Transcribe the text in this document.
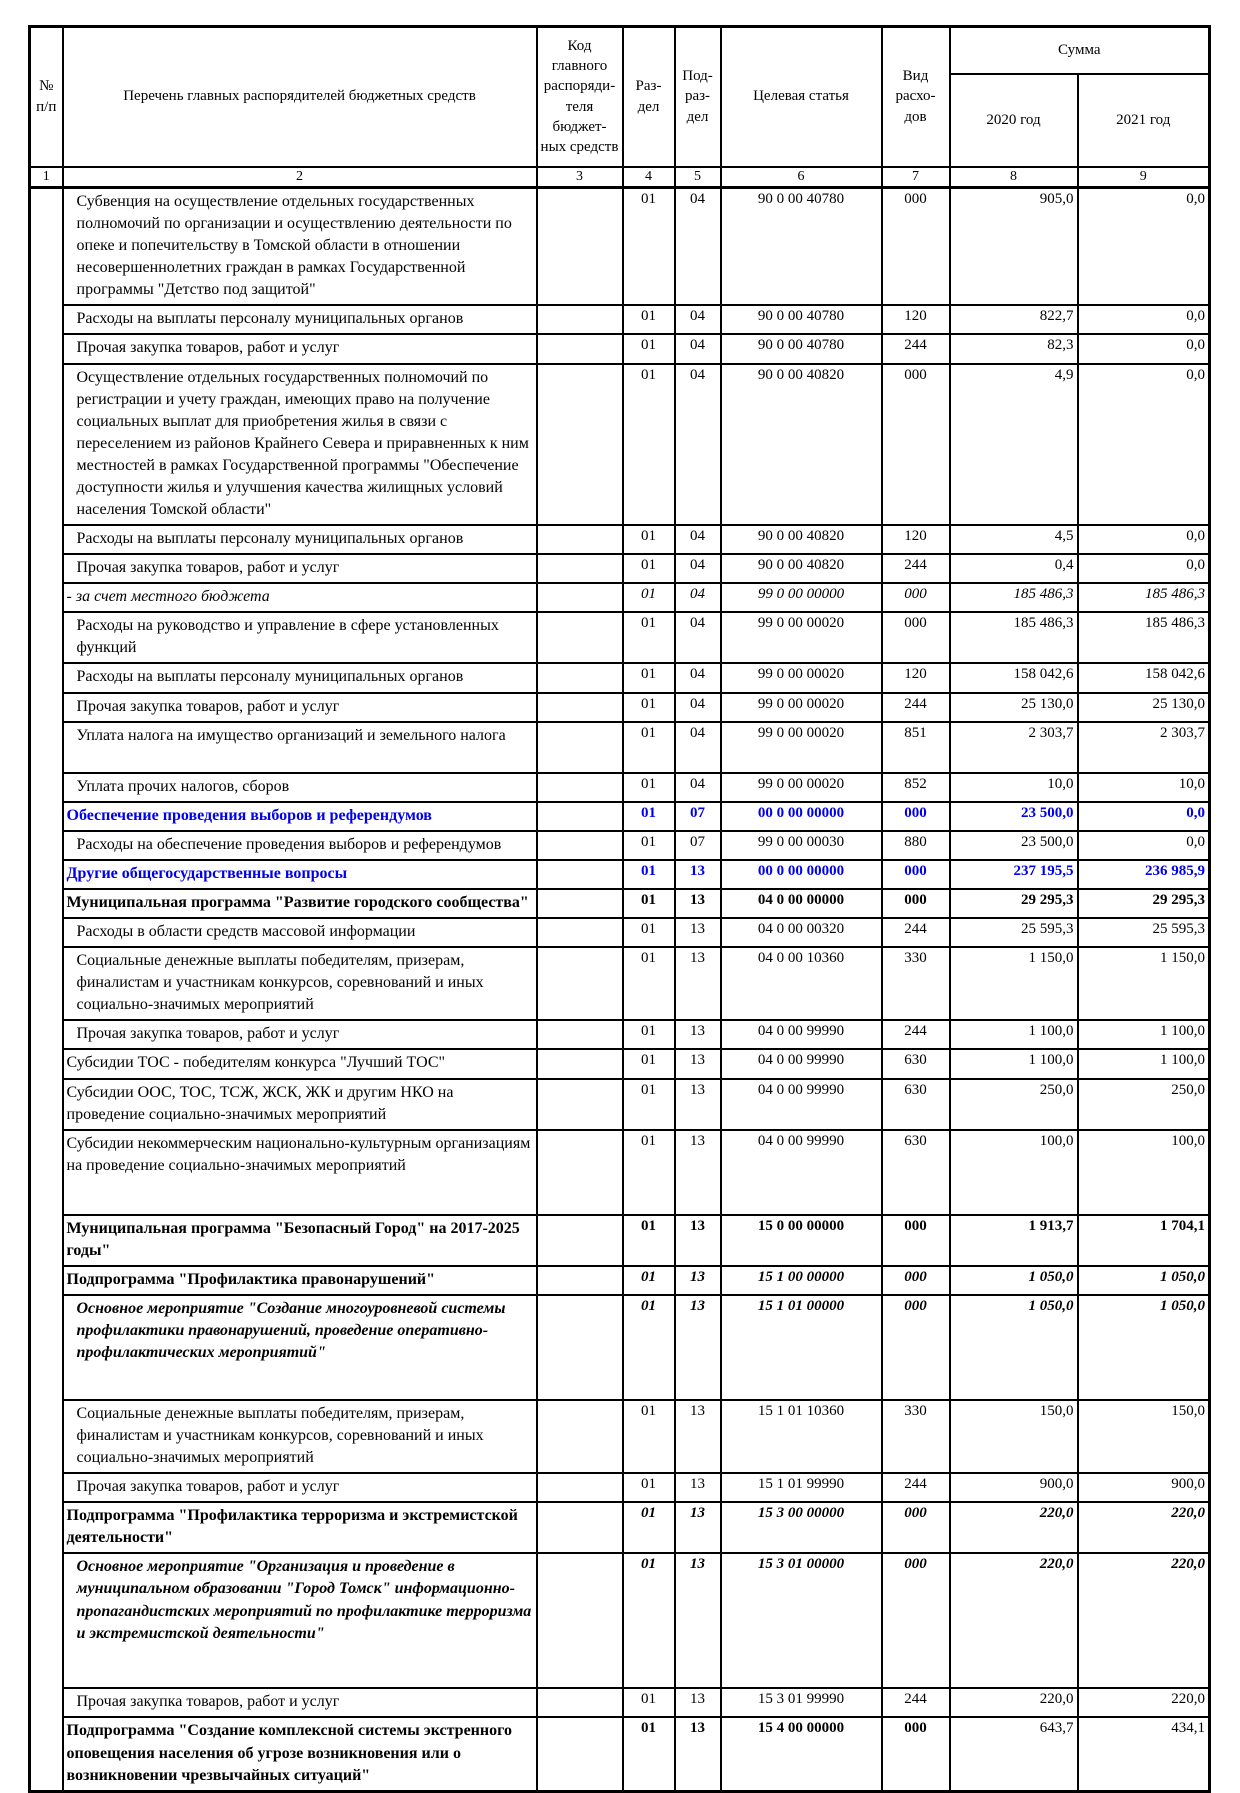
№ п/п	Перечень главных распорядителей бюджетных средств	Код главного распоряди-теля бюджет-ных средств	Раз-дел	Под-раз-дел	Целевая статья	Вид расхо-дов	Сумма	
							2020 год	2021 год
1	2	3	4	5	6	7	8	9
	Субвенция на осуществление отдельных государственных полномочий по организации и осуществлению деятельности по опеке и попечительству в Томской области в отношении несовершеннолетних граждан в рамках Государственной программы "Детство под защитой"		01	04	90 0 00 40780	000	905,0	0,0
	Расходы на выплаты персоналу муниципальных органов		01	04	90 0 00 40780	120	822,7	0,0
	Прочая закупка товаров, работ и услуг		01	04	90 0 00 40780	244	82,3	0,0
	Осуществление отдельных государственных полномочий по регистрации и учету граждан, имеющих право на получение социальных выплат для приобретения жилья в связи с переселением из районов Крайнего Севера и приравненных к ним местностей в рамках Государственной программы "Обеспечение доступности жилья и улучшения качества жилищных условий населения Томской области"		01	04	90 0 00 40820	000	4,9	0,0
	Расходы на выплаты персоналу муниципальных органов		01	04	90 0 00 40820	120	4,5	0,0
	Прочая закупка товаров, работ и услуг		01	04	90 0 00 40820	244	0,4	0,0
	- за счет местного бюджета		01	04	99 0 00 00000	000	185 486,3	185 486,3
	Расходы на руководство и управление в сфере установленных функций		01	04	99 0 00 00020	000	185 486,3	185 486,3
	Расходы на выплаты персоналу муниципальных органов		01	04	99 0 00 00020	120	158 042,6	158 042,6
	Прочая закупка товаров, работ и услуг		01	04	99 0 00 00020	244	25 130,0	25 130,0
	Уплата налога на имущество организаций и земельного налога		01	04	99 0 00 00020	851	2 303,7	2 303,7
	Уплата прочих налогов, сборов		01	04	99 0 00 00020	852	10,0	10,0
	Обеспечение проведения выборов и референдумов		01	07	00 0 00 00000	000	23 500,0	0,0
	Расходы на обеспечение проведения выборов и референдумов		01	07	99 0 00 00030	880	23 500,0	0,0
	Другие общегосударственные вопросы		01	13	00 0 00 00000	000	237 195,5	236 985,9
	Муниципальная программа "Развитие городского сообщества"		01	13	04 0 00 00000	000	29 295,3	29 295,3
	Расходы в области средств массовой информации		01	13	04 0 00 00320	244	25 595,3	25 595,3
	Социальные денежные выплаты победителям, призерам, финалистам и участникам конкурсов, соревнований и иных социально-значимых мероприятий		01	13	04 0 00 10360	330	1 150,0	1 150,0
	Прочая закупка товаров, работ и услуг		01	13	04 0 00 99990	244	1 100,0	1 100,0
	Субсидии ТОС - победителям конкурса "Лучший ТОС"		01	13	04 0 00 99990	630	1 100,0	1 100,0
	Субсидии ООС, ТОС, ТСЖ, ЖСК, ЖК и другим НКО на проведение социально-значимых мероприятий		01	13	04 0 00 99990	630	250,0	250,0
	Субсидии некоммерческим национально-культурным организациям на проведение социально-значимых мероприятий		01	13	04 0 00 99990	630	100,0	100,0
	Муниципальная программа "Безопасный Город" на 2017-2025 годы"		01	13	15 0 00 00000	000	1 913,7	1 704,1
	Подпрограмма "Профилактика правонарушений"		01	13	15 1 00 00000	000	1 050,0	1 050,0
	Основное мероприятие "Создание многоуровневой системы профилактики правонарушений, проведение оперативно-профилактических мероприятий"		01	13	15 1 01 00000	000	1 050,0	1 050,0
	Социальные денежные выплаты победителям, призерам, финалистам и участникам конкурсов, соревнований и иных социально-значимых мероприятий		01	13	15 1 01 10360	330	150,0	150,0
	Прочая закупка товаров, работ и услуг		01	13	15 1 01 99990	244	900,0	900,0
	Подпрограмма "Профилактика терроризма и экстремистской деятельности"		01	13	15 3 00 00000	000	220,0	220,0
	Основное мероприятие "Организация и проведение в муниципальном образовании "Город Томск" информационно-пропагандистских мероприятий по профилактике терроризма и экстремистской деятельности"		01	13	15 3 01 00000	000	220,0	220,0
	Прочая закупка товаров, работ и услуг		01	13	15 3 01 99990	244	220,0	220,0
	Подпрограмма "Создание комплексной системы экстренного оповещения населения об угрозе возникновения или о возникновении чрезвычайных ситуаций"		01	13	15 4 00 00000	000	643,7	434,1
